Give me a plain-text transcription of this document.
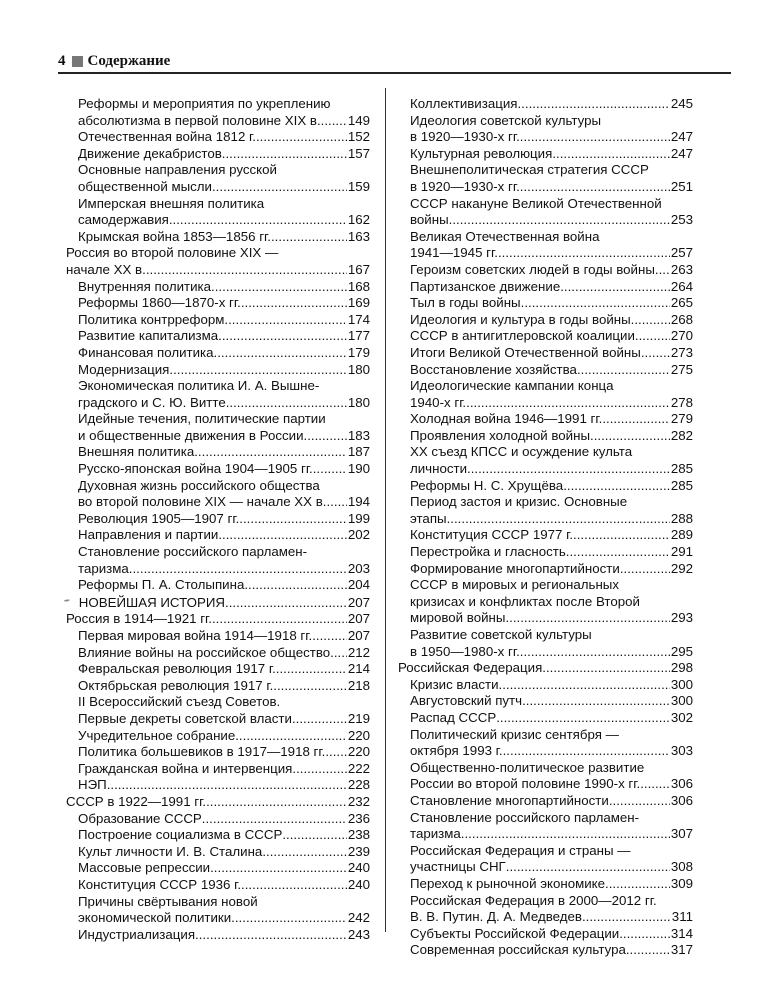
4 Содержание
Реформы и мероприятия по укреплению
абсолютизма в первой половине XIX в. ..... 149
Отечественная война 1812 г. .....	152
Движение декабристов .....	157
Основные направления русской
общественной мысли .....	159
Имперская внешняя политика
самодержавия .....	162
Крымская война 1853—1856 гг. .....	163
Россия во второй половине XIX —
начале XX в. .....	167
Внутренняя политика .....	168
Реформы 1860—1870-х гг. .....	169
Политика контрреформ .....	174
Развитие капитализма .....	177
Финансовая политика .....	179
Модернизация .....	180
Экономическая политика И. А. Вышне-
градского и С. Ю. Витте .....	180
Идейные течения, политические партии
и общественные движения в России .....	183
Внешняя политика .....	187
Русско-японская война 1904—1905 гг. .....	190
Духовная жизнь российского общества
во второй половине XIX — начале XX в. ..... 194
Революция 1905—1907 гг. .....	199
Направления и партии .....	202
Становление российского парламен-
таризма .....	203
Реформы П. А. Столыпина .....	204
НОВЕЙШАЯ ИСТОРИЯ .....	207
Россия в 1914—1921 гг. .....	207
Первая мировая война 1914—1918 гг. .....	207
Влияние войны на российское общество ..... 212
Февральская революция 1917 г. .....	214
Октябрьская революция 1917 г. .....	218
II Всероссийский съезд Советов.
Первые декреты советской власти .....	219
Учредительное собрание .....	220
Политика большевиков в 1917—1918 гг. ..... 220
Гражданская война и интервенция .....	222
НЭП .....	228
СССР в 1922—1991 гг. .....	232
Образование СССР .....	236
Построение социализма в СССР .....	238
Культ личности И. В. Сталина .....	239
Массовые репрессии .....	240
Конституция СССР 1936 г. .....	240
Причины свёртывания новой
экономической политики .....	242
Индустриализация .....	243
Коллективизация .....	245
Идеология советской культуры
в 1920—1930-х гг. .....	247
Культурная революция .....	247
Внешнеполитическая стратегия СССР
в 1920—1930-х гг. .....	251
СССР накануне Великой Отечественной
войны .....	253
Великая Отечественная война
1941—1945 гг. .....	257
Героизм советских людей в годы войны ..... 263
Партизанское движение .....	264
Тыл в годы войны .....	265
Идеология и культура в годы войны .....	268
СССР в антигитлеровской коалиции .....	270
Итоги Великой Отечественной войны ..... 273
Восстановление хозяйства .....	275
Идеологические кампании конца
1940-х гг. .....	278
Холодная война 1946—1991 гг. .....	279
Проявления холодной войны .....	282
XX съезд КПСС и осуждение культа
личности .....	285
Реформы Н. С. Хрущёва .....	285
Период застоя и кризис. Основные
этапы .....	288
Конституция СССР 1977 г. .....	289
Перестройка и гласность .....	291
Формирование многопартийности .....	292
СССР в мировых и региональных
кризисах и конфликтах после Второй
мировой войны .....	293
Развитие советской культуры
в 1950—1980-х гг. .....	295
Российская Федерация .....	298
Кризис власти .....	300
Августовский путч .....	300
Распад СССР .....	302
Политический кризис сентября —
октября 1993 г. .....	303
Общественно-политическое развитие
России во второй половине 1990-х гг. ..... 306
Становление многопартийности .....	306
Становление российского парламен-
таризма .....	307
Российская Федерация и страны —
участницы СНГ .....	308
Переход к рыночной экономике .....	309
Российская Федерация в 2000—2012 гг.
В. В. Путин. Д. А. Медведев .....	311
Субъекты Российской Федерации .....	314
Современная российская культура .....	317
